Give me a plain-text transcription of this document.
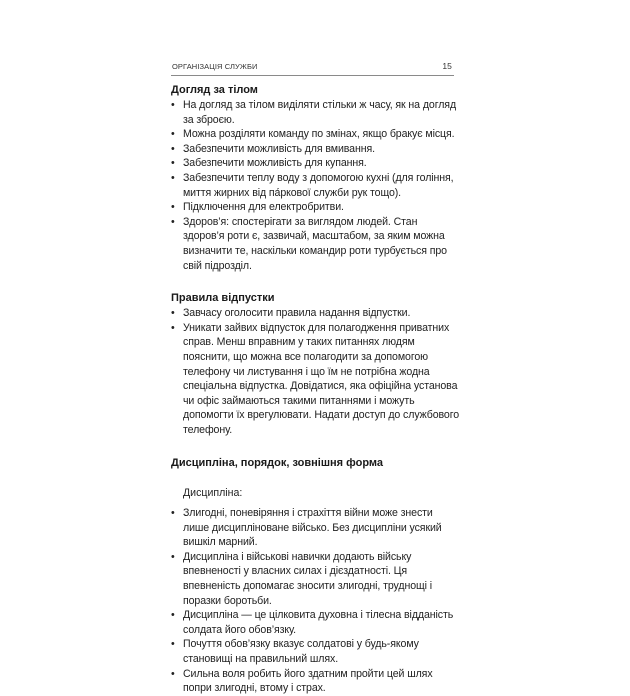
ОРГАНІЗАЦІЯ СЛУЖБИ	15
Догляд за тілом
• На догляд за тілом виділяти стільки ж часу, як на догляд за зброєю.
• Можна розділяти команду по змінах, якщо бракує місця.
• Забезпечити можливість для вмивання.
• Забезпечити можливість для купання.
• Забезпечити теплу воду з допомогою кухні (для гоління, миття жирних від па́ркової служби рук тощо).
• Підключення для електробритви.
• Здоров’я: спостерігати за виглядом людей. Стан здоров’я роти є, зазвичай, масштабом, за яким можна визначити те, наскільки командир роти турбується про свій підрозділ.
Правила відпустки
• Завчасу оголосити правила надання відпустки.
• Уникати зайвих відпусток для полагодження приватних справ. Менш вправним у таких питаннях людям пояснити, що можна все полагодити за допомогою телефону чи листування і що їм не потрібна жодна спеціальна відпустка. Довідатися, яка офіційна установа чи офіс займаються такими питаннями і можуть допомогти їх врегулювати. Надати доступ до службового телефону.
Дисципліна, порядок, зовнішня форма

Дисципліна:

• Злигодні, поневіряння і страхіття війни може знести лише дисципліноване військо. Без дисципліни усякий вишкіл марний.
• Дисципліна і військові навички додають війську впевненості у власних силах і дієздатності. Ця впевненість допомагає зносити злигодні, труднощі і поразки боротьби.
• Дисципліна — це цілковита духовна і тілесна відданість солдата його обов’язку.
• Почуття обов’язку вказує солдатові у будь-якому становищі на правильний шлях.
• Сильна воля робить його здатним пройти цей шлях попри злигодні, втому і страх.
